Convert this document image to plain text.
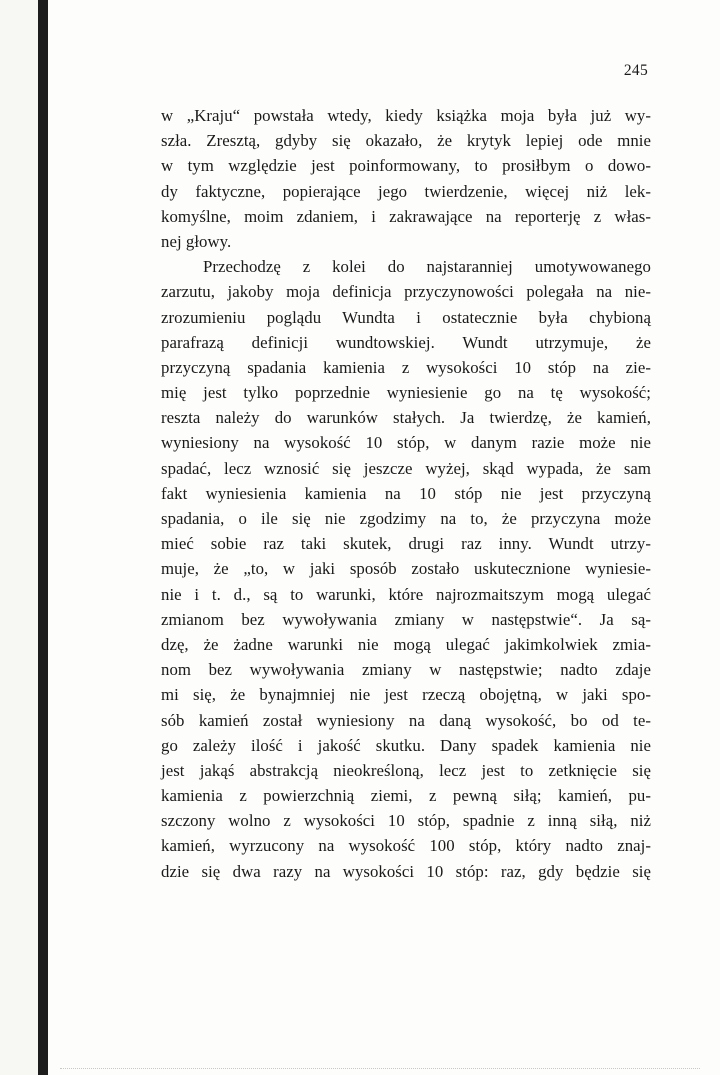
245
w „Kraju“ powstała wtedy, kiedy książka moja była już wy-
szła. Zresztą, gdyby się okazało, że krytyk lepiej ode mnie
w tym względzie jest poinformowany, to prosiłbym o dowo-
dy faktyczne, popierające jego twierdzenie, więcej niż lek-
komyślne, moim zdaniem, i zakrawające na reporterję z włas-
nej głowy.
Przechodzę z kolei do najstaranniej umotywowanego
zarzutu, jakoby moja definicja przyczynowości polegała na nie-
zrozumieniu poglądu Wundta i ostatecznie była chybioną
parafrazą definicji wundtowskiej. Wundt utrzymuje, że
przyczyną spadania kamienia z wysokości 10 stóp na zie-
mię jest tylko poprzednie wyniesienie go na tę wysokość;
reszta należy do warunków stałych. Ja twierdzę, że kamień,
wyniesiony na wysokość 10 stóp, w danym razie może nie
spadać, lecz wznosić się jeszcze wyżej, skąd wypada, że sam
fakt wyniesienia kamienia na 10 stóp nie jest przyczyną
spadania, o ile się nie zgodzimy na to, że przyczyna może
mieć sobie raz taki skutek, drugi raz inny. Wundt utrzy-
muje, że „to, w jaki sposób zostało uskutecznione wyniesie-
nie i t. d., są to warunki, które najrozmaitszym mogą ulegać
zmianom bez wywoływania zmiany w następstwie“. Ja są-
dzę, że żadne warunki nie mogą ulegać jakimkolwiek zmia-
nom bez wywoływania zmiany w następstwie; nadto zdaje
mi się, że bynajmniej nie jest rzeczą obojętną, w jaki spo-
sób kamień został wyniesiony na daną wysokość, bo od te-
go zależy ilość i jakość skutku. Dany spadek kamienia nie
jest jakąś abstrakcją nieokreśloną, lecz jest to zetknięcie się
kamienia z powierzchnią ziemi, z pewną siłą; kamień, pu-
szczony wolno z wysokości 10 stóp, spadnie z inną siłą, niż
kamień, wyrzucony na wysokość 100 stóp, który nadto znaj-
dzie się dwa razy na wysokości 10 stóp: raz, gdy będzie się
